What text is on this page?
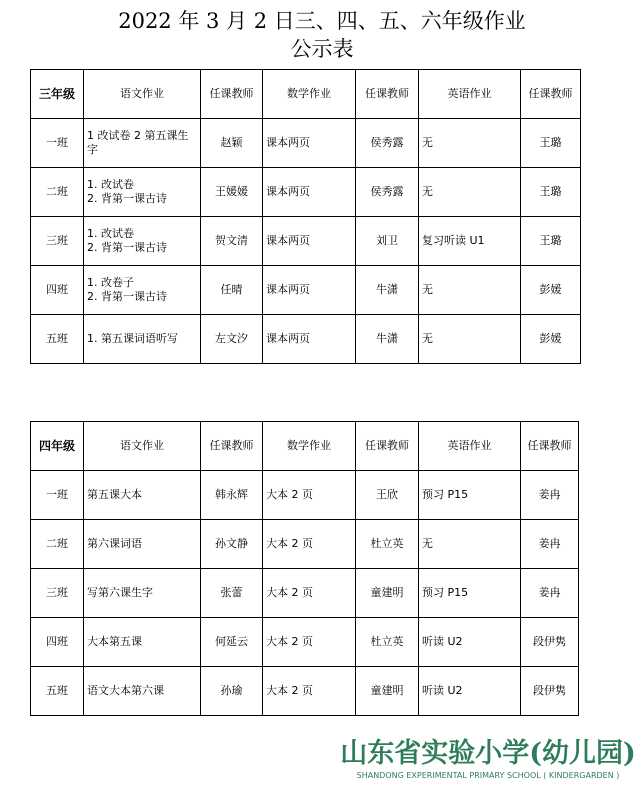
2022 年 3 月 2 日三、四、五、六年级作业
公示表
三年级	语文作业	任课教师	数学作业	任课教师	英语作业	任课教师
一班	1 改试卷 2 第五课生字	赵颖	课本两页	侯秀露	无	王璐
二班	1. 改试卷
2. 背第一课古诗	王媛媛	课本两页	侯秀露	无	王璐
三班	1. 改试卷
2. 背第一课古诗	贺文清	课本两页	刘卫	复习听读 U1	王璐
四班	1. 改卷子
2. 背第一课古诗	任晴	课本两页	牛潇	无	彭媛
五班	1. 第五课词语听写	左文汐	课本两页	牛潇	无	彭媛
四年级	语文作业	任课教师	数学作业	任课教师	英语作业	任课教师
一班	第五课大本	韩永辉	大本 2 页	王欣	预习 P15	姜冉
二班	第六课词语	孙文静	大本 2 页	杜立英	无	姜冉
三班	写第六课生字	张蕾	大本 2 页	童建明	预习 P15	姜冉
四班	大本第五课	何延云	大本 2 页	杜立英	听读 U2	段伊隽
五班	语文大本第六课	孙瑜	大本 2 页	童建明	听读 U2	段伊隽
山东省实验小学(幼儿园)
SHANDONG EXPERIMENTAL PRIMARY SCHOOL ( KINDERGARDEN )
